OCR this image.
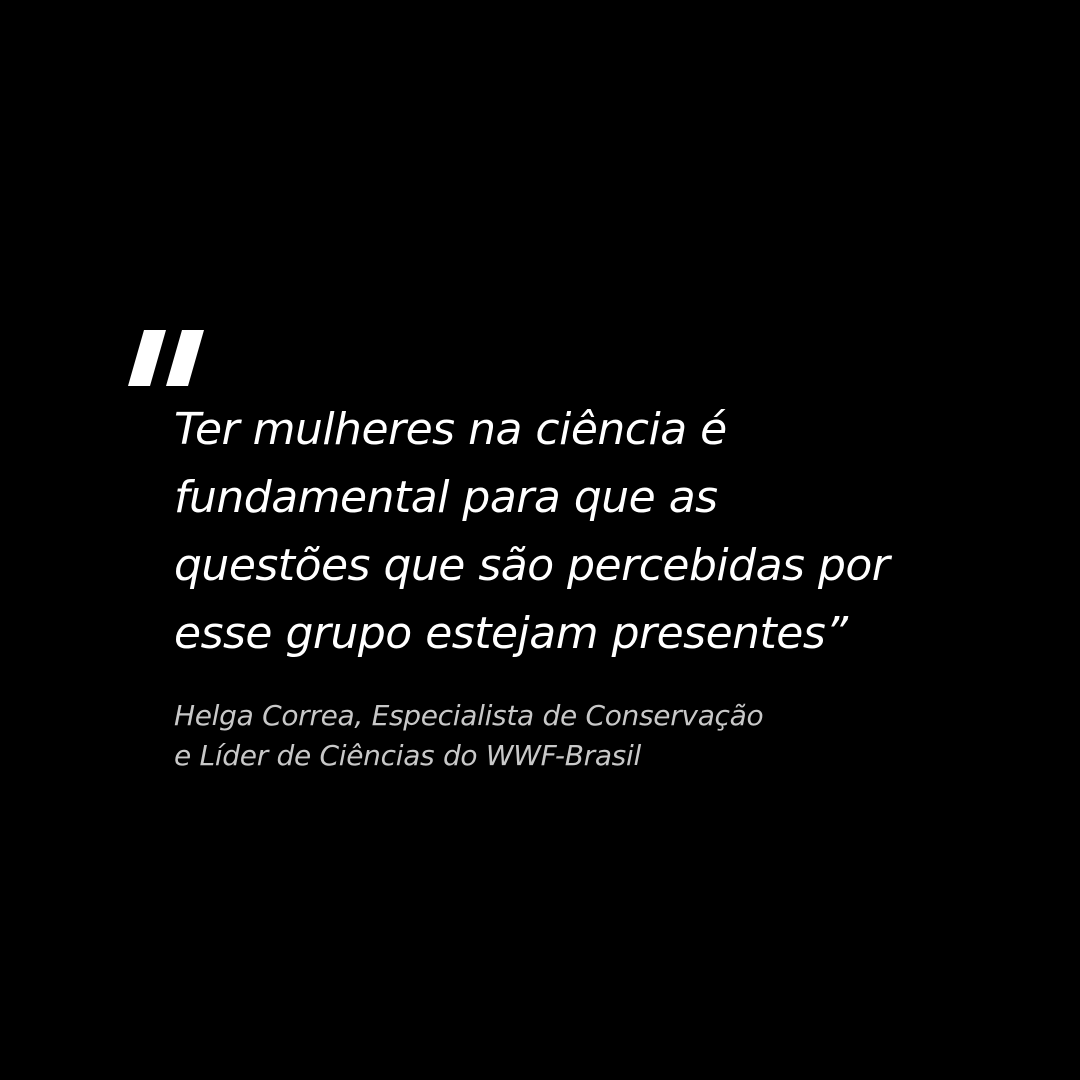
Ter mulheres na ciência é
fundamental para que as
questões que são percebidas por
esse grupo estejam presentes”

Helga Correa, Especialista de Conservação
e Líder de Ciências do WWF-Brasil
